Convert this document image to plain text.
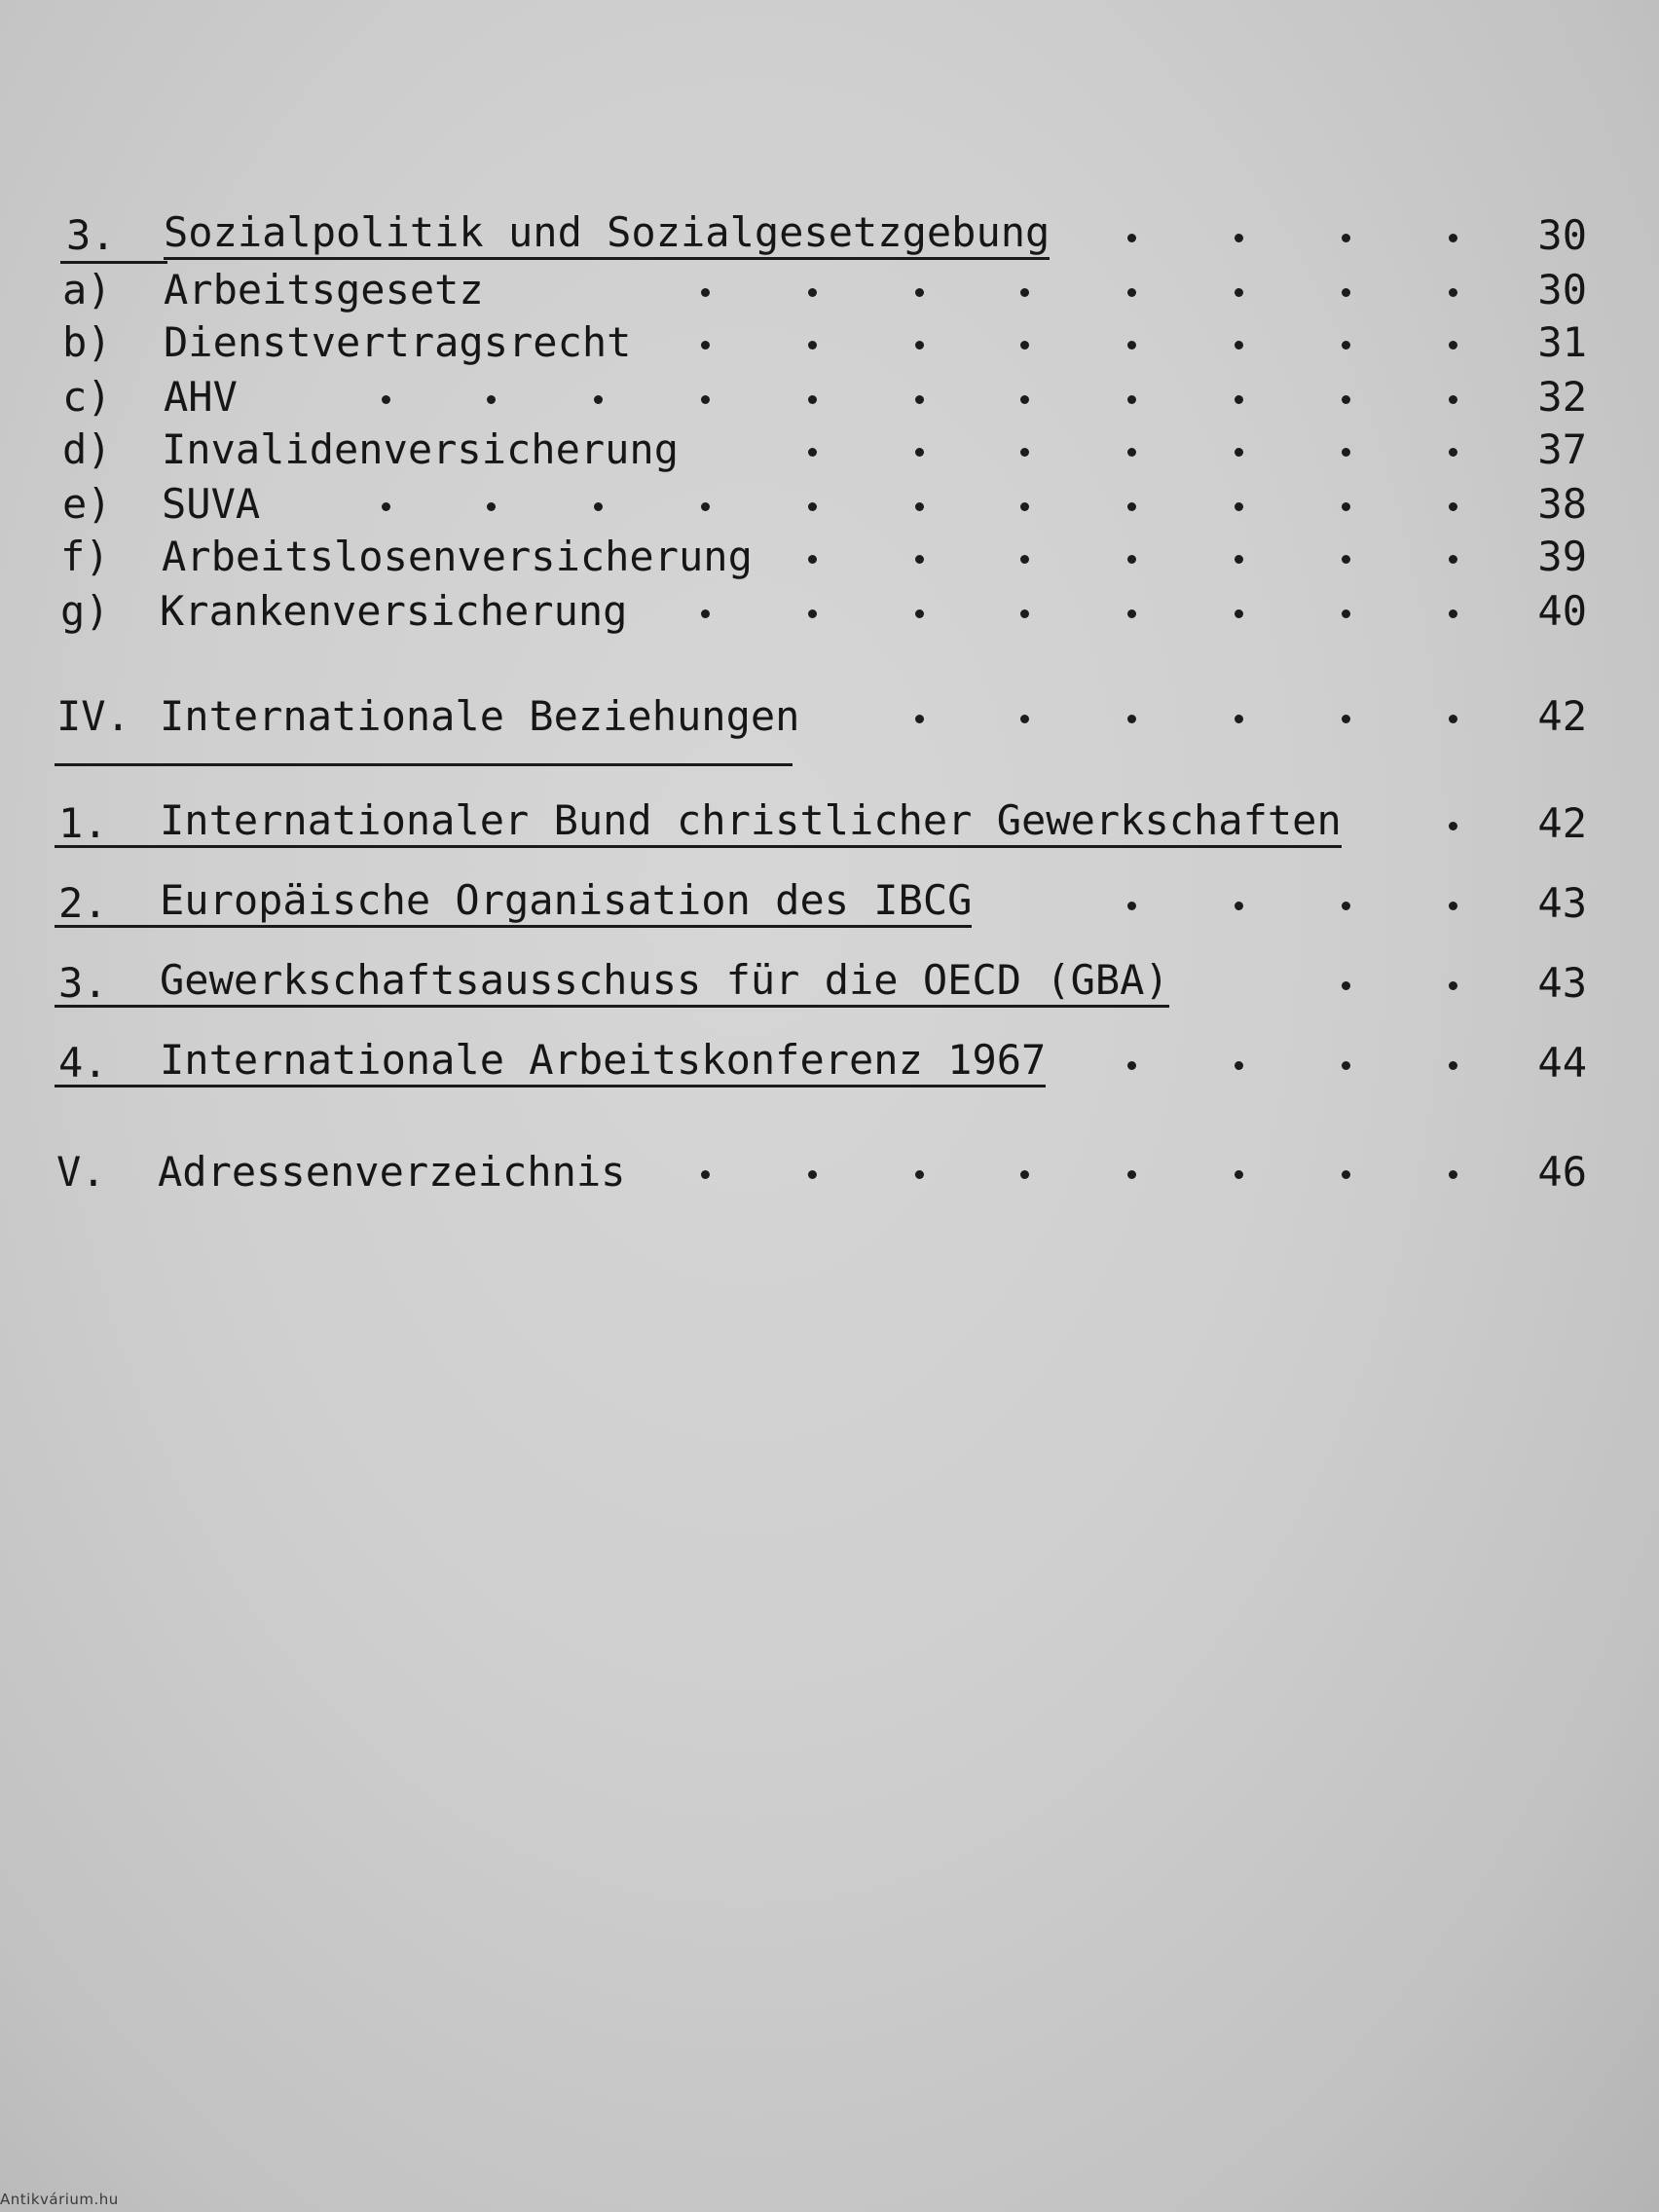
3. Sozialpolitik und Sozialgesetzgebung	30
a) Arbeitsgesetz	30
b) Dienstvertragsrecht	31
c) AHV	32
d) Invalidenversicherung	37
e) SUVA	38
f) Arbeitslosenversicherung	39
g) Krankenversicherung	40
IV. Internationale Beziehungen	42
1. Internationaler Bund christlicher Gewerkschaften	42
2. Europäische Organisation des IBCG	43
3. Gewerkschaftsausschuss für die OECD (GBA)	43
4. Internationale Arbeitskonferenz 1967	44
V. Adressenverzeichnis	46
Antikvárium.hu
